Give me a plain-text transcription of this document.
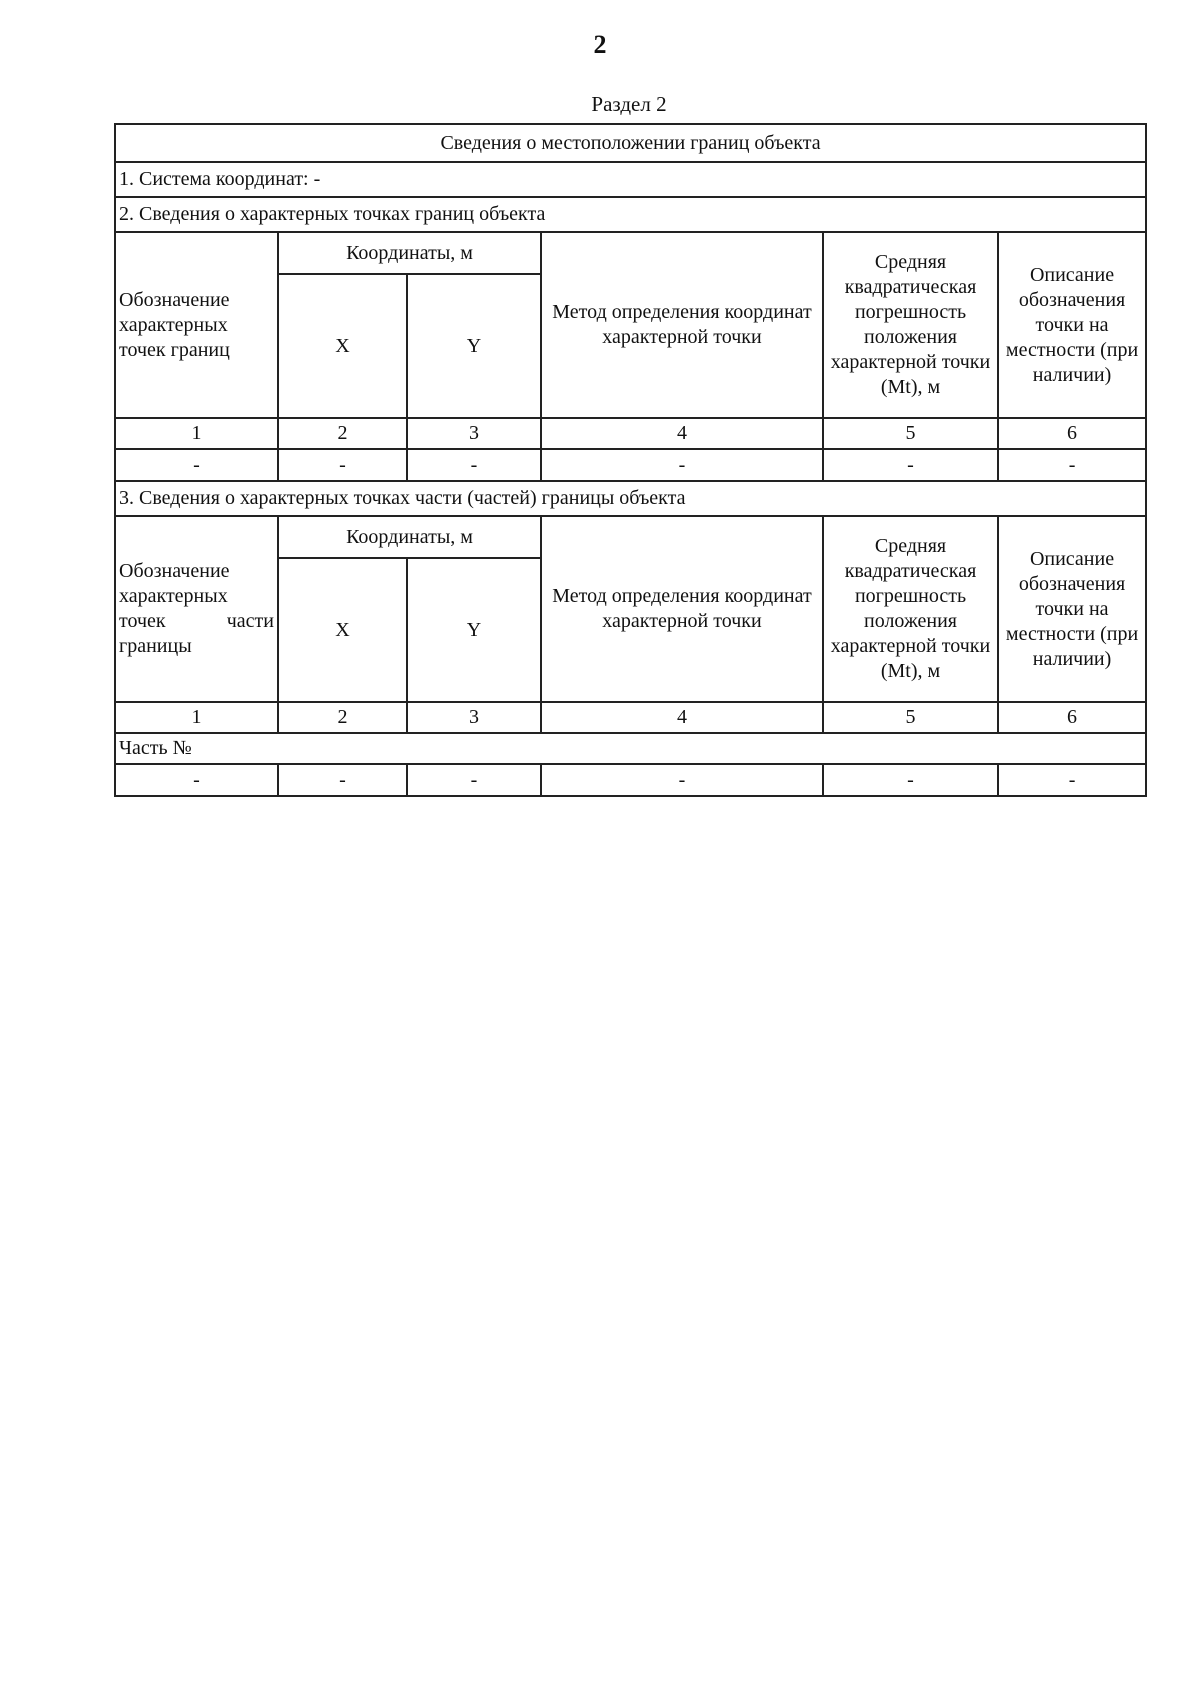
2
Раздел 2
Сведения о местоположении границ объекта					
1. Система координат: -					
2. Сведения о характерных точках границ объекта					
Обозначение характерных точек границ	Координаты, м		Метод определения координат характерной точки	Средняя квадратическая погрешность положения характерной точки (Mt), м	Описание обозначения точки на местности (при наличии)
	X	Y			
1	2	3	4	5	6
-	-	-	-	-	-
3. Сведения о характерных точках части (частей) границы объекта					

Обозначение
характерных
точек части
границы	Координаты, м		Метод определения координат характерной точки	Средняя квадратическая погрешность положения характерной точки (Mt), м	Описание обозначения точки на местности (при наличии)
	X	Y			
1	2	3	4	5	6
Часть №					
-	-	-	-	-	-
